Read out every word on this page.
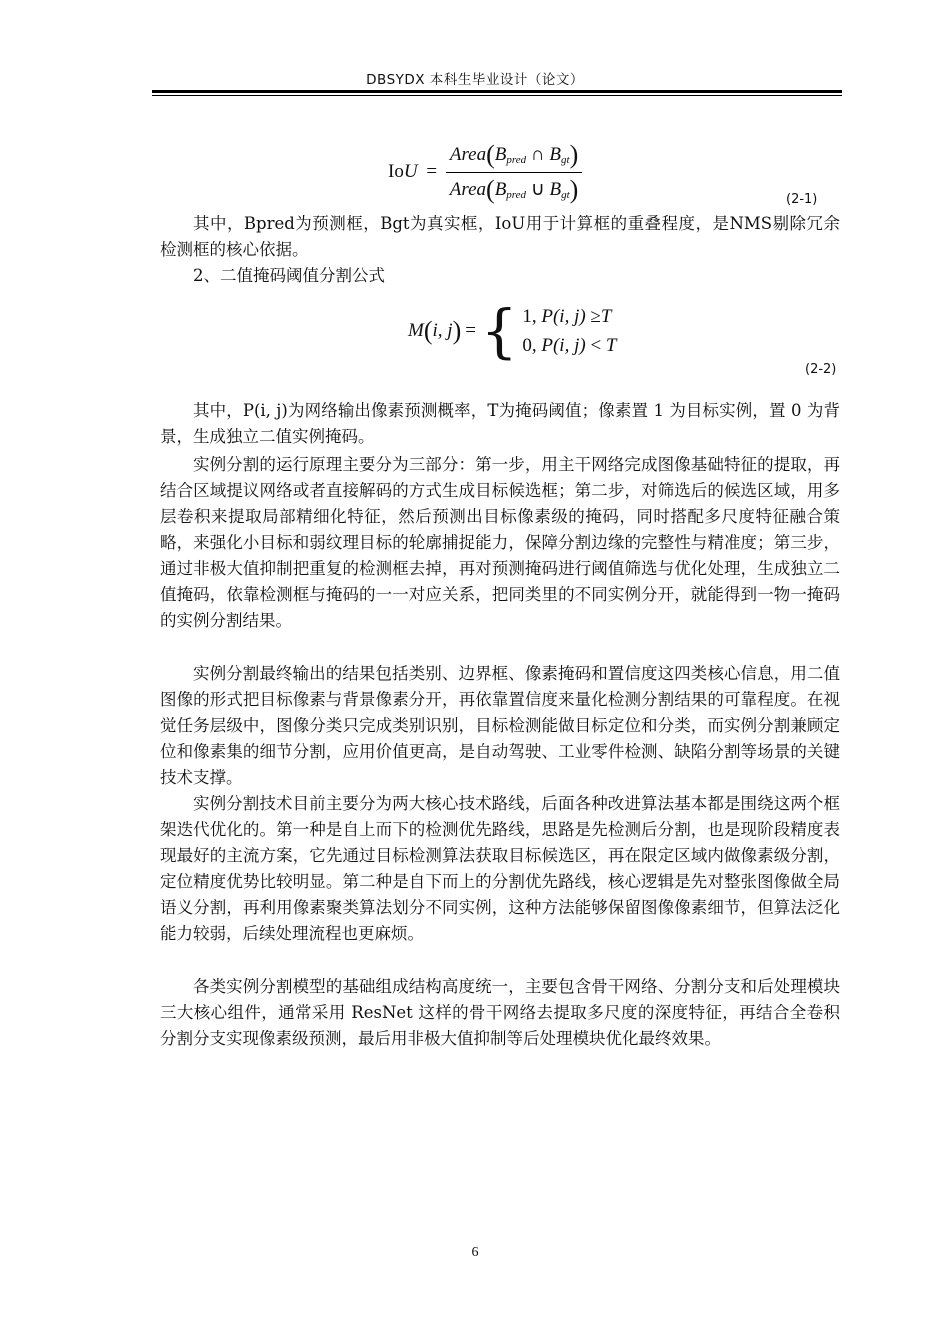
DBSYDX 本科生毕业设计（论文）
IoU = $\frac{Area(B_{pred} \cap B_{gt})}{Area(B_{pred} \cup B_{gt})}$	(2-1)
其中，Bpred为预测框，Bgt为真实框，IoU用于计算框的重叠程度，是NMS剔除冗余检测框的核心依据。
2、二值掩码阈值分割公式
M(i, j) = { 1, P(i, j) ≥T
0, P(i, j) < T
(2-2)
其中，P(i, j)为网络输出像素预测概率，T为掩码阈值；像素置 1 为目标实例，置 0 为背景，生成独立二值实例掩码。
实例分割的运行原理主要分为三部分：第一步，用主干网络完成图像基础特征的提取，再结合区域提议网络或者直接解码的方式生成目标候选框；第二步，对筛选后的候选区域，用多层卷积来提取局部精细化特征，然后预测出目标像素级的掩码，同时搭配多尺度特征融合策略，来强化小目标和弱纹理目标的轮廓捕捉能力，保障分割边缘的完整性与精准度；第三步，通过非极大值抑制把重复的检测框去掉，再对预测掩码进行阈值筛选与优化处理，生成独立二值掩码，依靠检测框与掩码的一一对应关系，把同类里的不同实例分开，就能得到一物一掩码的实例分割结果。
实例分割最终输出的结果包括类别、边界框、像素掩码和置信度这四类核心信息，用二值图像的形式把目标像素与背景像素分开，再依靠置信度来量化检测分割结果的可靠程度。在视觉任务层级中，图像分类只完成类别识别，目标检测能做目标定位和分类，而实例分割兼顾定位和像素集的细节分割，应用价值更高，是自动驾驶、工业零件检测、缺陷分割等场景的关键技术支撑。
实例分割技术目前主要分为两大核心技术路线，后面各种改进算法基本都是围绕这两个框架迭代优化的。第一种是自上而下的检测优先路线，思路是先检测后分割，也是现阶段精度表现最好的主流方案，它先通过目标检测算法获取目标候选区，再在限定区域内做像素级分割，定位精度优势比较明显。第二种是自下而上的分割优先路线，核心逻辑是先对整张图像做全局语义分割，再利用像素聚类算法划分不同实例，这种方法能够保留图像像素细节，但算法泛化能力较弱，后续处理流程也更麻烦。
各类实例分割模型的基础组成结构高度统一，主要包含骨干网络、分割分支和后处理模块三大核心组件，通常采用 ResNet 这样的骨干网络去提取多尺度的深度特征，再结合全卷积分割分支实现像素级预测，最后用非极大值抑制等后处理模块优化最终效果。
6
